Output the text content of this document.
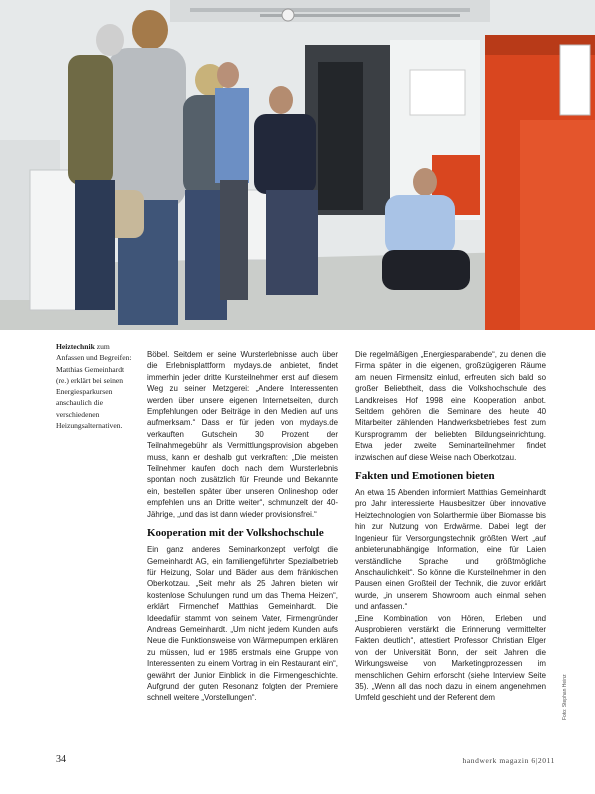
Heiztechnik zum Anfassen und Begreifen: Matthias Gemeinhardt (re.) erklärt bei seinen Energiesparkursen anschaulich die verschiedenen Heizungsalternativen.

Böbel. Seitdem er seine Wursterlebnisse auch über die Erlebnisplattform mydays.de anbietet, findet immerhin jeder dritte Kursteilnehmer erst auf diesem Weg zu seiner Metzgerei: „Andere Interessenten werden über unsere eigenen Internetseiten, durch Empfehlungen oder Beiträge in den Medien auf uns aufmerksam.“ Dass er für jeden von mydays.de verkauften Gutschein 30 Prozent der Teilnahmegebühr als Vermittlungsprovision abgeben muss, kann er deshalb gut verkraften: „Die meisten Teilnehmer kaufen doch nach dem Wursterlebnis spontan noch zusätzlich für Freunde und Bekannte ein, bestellen später über unseren Onlineshop oder empfehlen uns an Dritte weiter“, schmunzelt der 40-Jährige, „und das ist dann wieder provisionsfrei.“

Kooperation mit der Volkshochschule

Ein ganz anderes Seminarkonzept verfolgt die Gemeinhardt AG, ein familiengeführter Spezialbetrieb für Heizung, Solar und Bäder aus dem fränkischen Oberkotzau. „Seit mehr als 25 Jahren bieten wir kostenlose Schulungen rund um das Thema Heizen“, erklärt Firmenchef Matthias Gemeinhardt. Die Ideedafür stammt von seinem Vater, Firmengründer Andreas Gemeinhardt. „Um nicht jedem Kunden aufs Neue die Funktionsweise von Wärmepumpen erklären zu müssen, lud er 1985 erstmals eine Gruppe von Interessenten zu einem Vortrag in ein Restaurant ein“, gewährt der Junior Einblick in die Firmengeschichte. Aufgrund der guten Resonanz folgten der Premiere schnell weitere „Vorstellungen“.

Die regelmäßigen „Energiesparabende“, zu denen die Firma später in die eigenen, großzügigeren Räume am neuen Firmensitz einlud, erfreuten sich bald so großer Beliebtheit, dass die Volkshochschule des Landkreises Hof 1998 eine Kooperation anbot. Seitdem gehören die Seminare des heute 40 Mitarbeiter zählenden Handwerksbetriebes fest zum Kursprogramm der beliebten Bildungseinrichtung. Etwa jeder zweite Seminarteilnehmer findet inzwischen auf diese Weise nach Oberkotzau.

Fakten und Emotionen bieten

An etwa 15 Abenden informiert Matthias Gemeinhardt pro Jahr interessierte Hausbesitzer über innovative Heiztechnologien von Solarthermie über Biomasse bis hin zur Nutzung von Erdwärme. Dabei legt der Ingenieur für Versorgungstechnik größten Wert „auf anbieterunabhängige Information, eine für Laien verständliche Sprache und größtmögliche Anschaulichkeit“. So könne die Kursteilnehmer in den Pausen einen Großteil der Technik, die zuvor erklärt wurde, „in unserem Showroom auch einmal sehen und anfassen.“

„Eine Kombination von Hören, Erleben und Ausprobieren verstärkt die Erinnerung vermittelter Fakten deutlich“, attestiert Professor Christian Elger von der Universität Bonn, der seit Jahren die Wirkungsweise von Marketingprozessen im menschlichen Gehirn erforscht (siehe Interview Seite 35). „Wenn all das noch dazu in einem angenehmen Umfeld geschieht und der Referent dem	Foto: Stephan Heinz
34	handwerk magazin 6|2011
